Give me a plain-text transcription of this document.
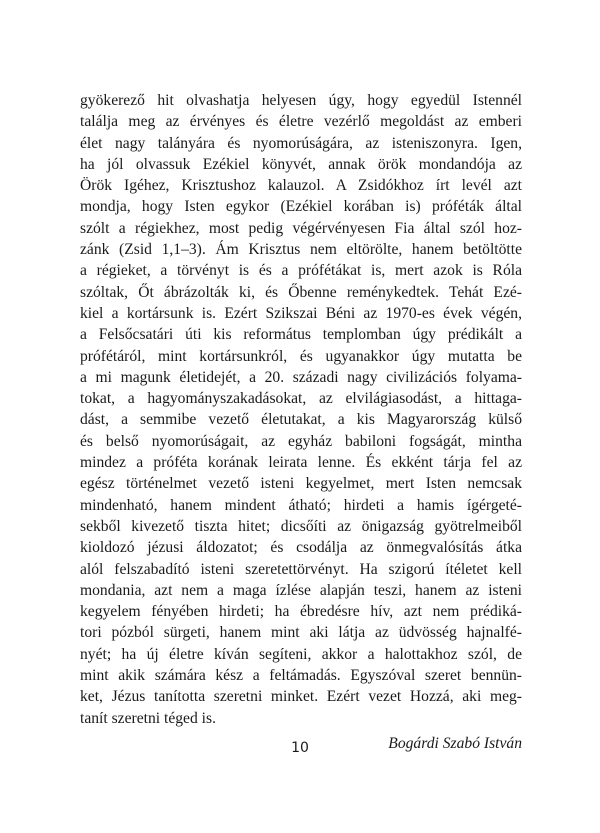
gyökerező hit olvashatja helyesen úgy, hogy egyedül Istennél
találja meg az érvényes és életre vezérlő megoldást az emberi
élet nagy talányára és nyomorúságára, az isteniszonyra. Igen,
ha jól olvassuk Ezékiel könyvét, annak örök mondandója az
Örök Igéhez, Krisztushoz kalauzol. A Zsidókhoz írt levél azt
mondja, hogy Isten egykor (Ezékiel korában is) próféták által
szólt a régiekhez, most pedig végérvényesen Fia által szól hoz-
zánk (Zsid 1,1–3). Ám Krisztus nem eltörölte, hanem betöltötte
a régieket, a törvényt is és a prófétákat is, mert azok is Róla
szóltak, Őt ábrázolták ki, és Őbenne reménykedtek. Tehát Ezé-
kiel a kortársunk is. Ezért Szikszai Béni az 1970-es évek végén,
a Felsőcsatári úti kis református templomban úgy prédikált a
prófétáról, mint kortársunkról, és ugyanakkor úgy mutatta be
a mi magunk életidejét, a 20. századi nagy civilizációs folyama-
tokat, a hagyományszakadásokat, az elvilágiasodást, a hittaga-
dást, a semmibe vezető életutakat, a kis Magyarország külső
és belső nyomorúságait, az egyház babiloni fogságát, mintha
mindez a próféta korának leirata lenne. És ekként tárja fel az
egész történelmet vezető isteni kegyelmet, mert Isten nemcsak
mindenható, hanem mindent átható; hirdeti a hamis ígérgeté-
sekből kivezető tiszta hitet; dicsőíti az önigazság gyötrelmeiből
kioldozó jézusi áldozatot; és csodálja az önmegvalósítás átka
alól felszabadító isteni szeretettörvényt. Ha szigorú ítéletet kell
mondania, azt nem a maga ízlése alapján teszi, hanem az isteni
kegyelem fényében hirdeti; ha ébredésre hív, azt nem prédiká-
tori pózból sürgeti, hanem mint aki látja az üdvösség hajnalfé-
nyét; ha új életre kíván segíteni, akkor a halottakhoz szól, de
mint akik számára kész a feltámadás. Egyszóval szeret bennün-
ket, Jézus tanította szeretni minket. Ezért vezet Hozzá, aki meg-
tanít szeretni téged is.
Bogárdi Szabó István
10
